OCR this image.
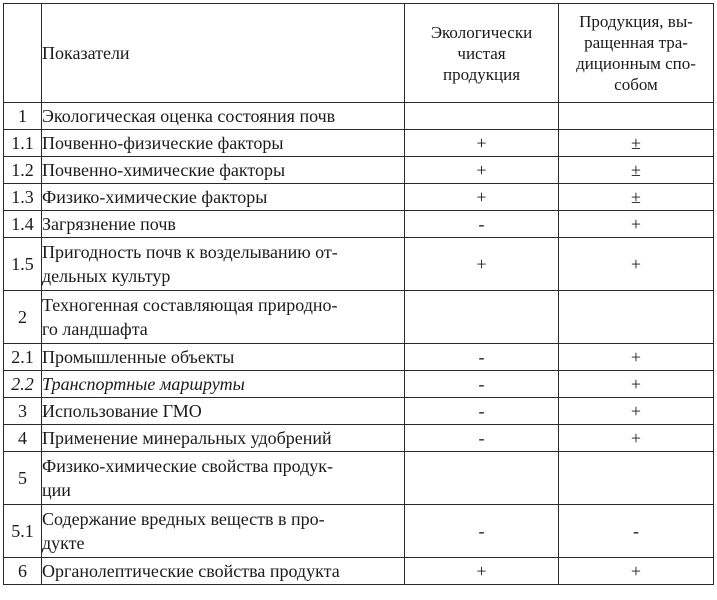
	Показатели	Экологически
чистая
продукция	Продукция, вы-
ращенная тра-
диционным спо-
собом
1	Экологическая оценка состояния почв		
1.1	Почвенно-физические факторы	+	±
1.2	Почвенно-химические факторы	+	±
1.3	Физико-химические факторы	+	±
1.4	Загрязнение почв	-	+
1.5	Пригодность почв к возделыванию от-
дельных культур	+	+
2	Техногенная составляющая природно-
го ландшафта		
2.1	Промышленные объекты	-	+
2.2	Транспортные маршруты	-	+
3	Использование ГМО	-	+
4	Применение минеральных удобрений	-	+
5	Физико-химические свойства продук-
ции		
5.1	Содержание вредных веществ в про-
дукте	-	-
6	Органолептические свойства продукта	+	+
